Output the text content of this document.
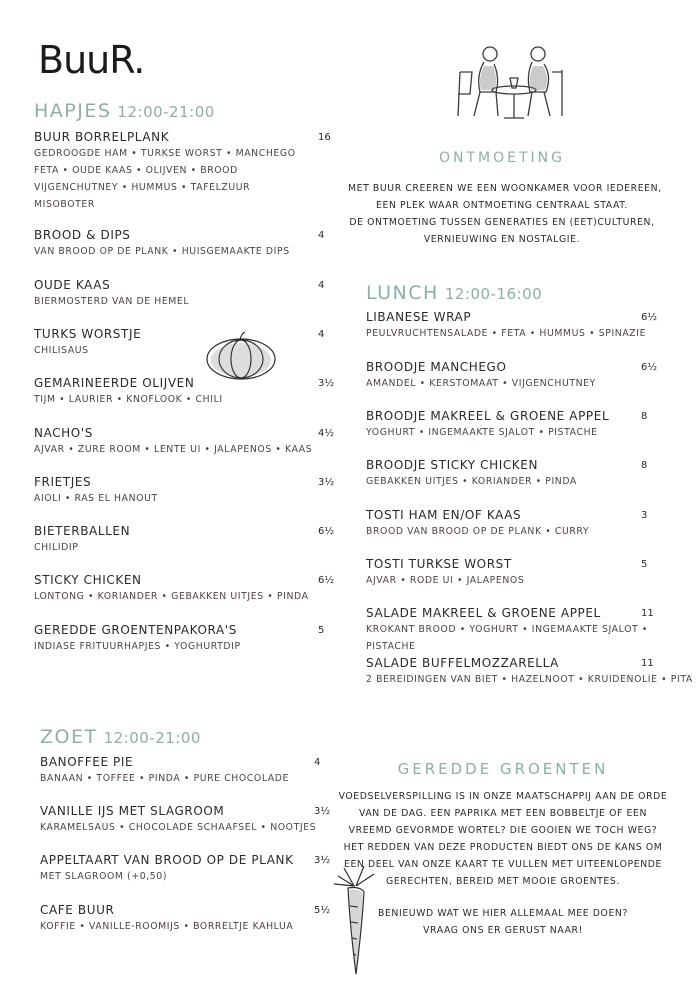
BuuR.
HAPJES 12:00-21:00
BUUR BORRELPLANK
GEDROOGDE HAM • TURKSE WORST • MANCHEGO
FETA • OUDE KAAS • OLIJVEN • BROOD
VIJGENCHUTNEY • HUMMUS • TAFELZUUR
MISOBOTER
16
BROOD & DIPS
VAN BROOD OP DE PLANK • HUISGEMAAKTE DIPS
4
OUDE KAAS
BIERMOSTERD VAN DE HEMEL
4
TURKS WORSTJE
CHILISAUS
4
GEMARINEERDE OLIJVEN
TIJM • LAURIER • KNOFLOOK • CHILI
3½
NACHO'S
AJVAR • ZURE ROOM • LENTE UI • JALAPENOS • KAAS
4½
FRIETJES
AIOLI • RAS EL HANOUT
3½
BIETERBALLEN
CHILIDIP
6½
STICKY CHICKEN
LONTONG • KORIANDER • GEBAKKEN UITJES • PINDA
6½
GEREDDE GROENTENPAKORA'S
INDIASE FRITUURHAPJES • YOGHURTDIP
5
ONTMOETING
MET BUUR CREEREN WE EEN WOONKAMER VOOR IEDEREEN,
EEN PLEK WAAR ONTMOETING CENTRAAL STAAT.
DE ONTMOETING TUSSEN GENERATIES EN (EET)CULTUREN,
VERNIEUWING EN NOSTALGIE.
LUNCH 12:00-16:00
LIBANESE WRAP
PEULVRUCHTENSALADE • FETA • HUMMUS • SPINAZIE
6½
BROODJE MANCHEGO
AMANDEL • KERSTOMAAT • VIJGENCHUTNEY
6½
BROODJE MAKREEL & GROENE APPEL
YOGHURT • INGEMAAKTE SJALOT • PISTACHE
8
BROODJE STICKY CHICKEN
GEBAKKEN UITJES • KORIANDER • PINDA
8
TOSTI HAM EN/OF KAAS
BROOD VAN BROOD OP DE PLANK • CURRY
3
TOSTI TURKSE WORST
AJVAR • RODE UI • JALAPENOS
5
SALADE MAKREEL & GROENE APPEL
KROKANT BROOD • YOGHURT • INGEMAAKTE SJALOT • PISTACHE
11
SALADE BUFFELMOZZARELLA
2 BEREIDINGEN VAN BIET • HAZELNOOT • KRUIDENOLIE • PITA
11
ZOET 12:00-21:00
BANOFFEE PIE
BANAAN • TOFFEE • PINDA • PURE CHOCOLADE
4
VANILLE IJS MET SLAGROOM
KARAMELSAUS • CHOCOLADE SCHAAFSEL • NOOTJES
3½
APPELTAART VAN BROOD OP DE PLANK
MET SLAGROOM (+0,50)
3½
CAFE BUUR
KOFFIE • VANILLE-ROOMIJS • BORRELTJE KAHLUA
5½
GEREDDE GROENTEN
VOEDSELVERSPILLING IS IN ONZE MAATSCHAPPIJ AAN DE ORDE
VAN DE DAG. EEN PAPRIKA MET EEN BOBBELTJE OF EEN
VREEMD GEVORMDE WORTEL? DIE GOOIEN WE TOCH WEG?
HET REDDEN VAN DEZE PRODUCTEN BIEDT ONS DE KANS OM
EEN DEEL VAN ONZE KAART TE VULLEN MET UITEENLOPENDE
GERECHTEN, BEREID MET MOOIE GROENTES.
BENIEUWD WAT WE HIER ALLEMAAL MEE DOEN?
VRAAG ONS ER GERUST NAAR!
